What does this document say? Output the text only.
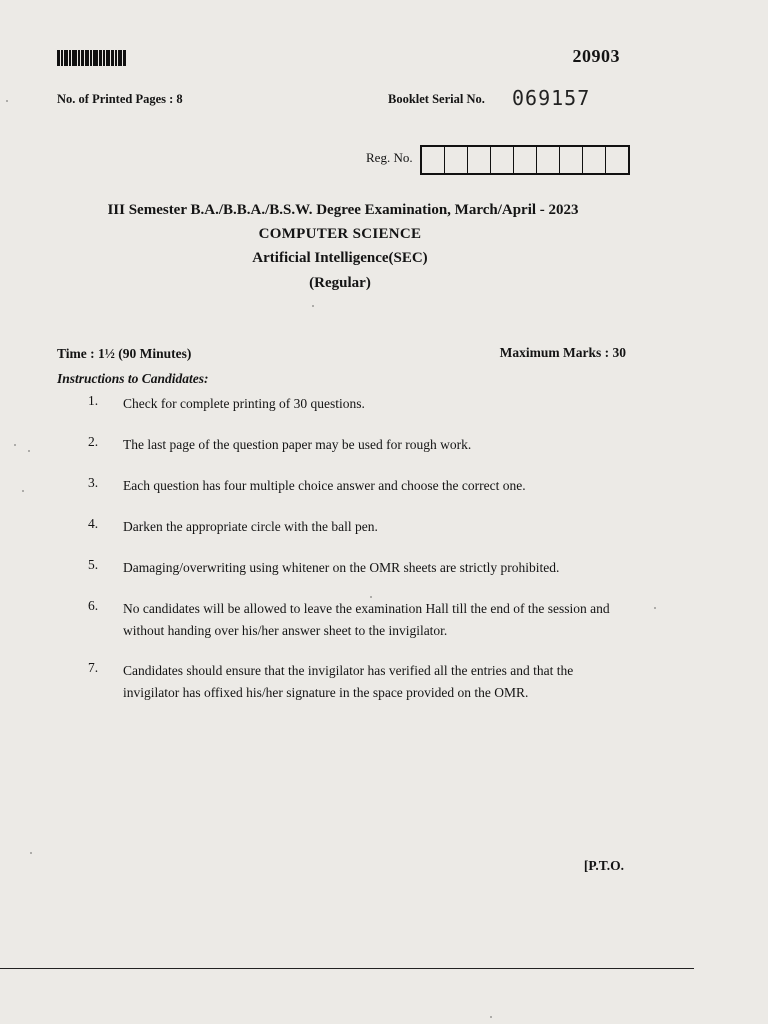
20903
No. of Printed Pages : 8	Booklet Serial No. 069157
Reg. No.
III Semester B.A./B.B.A./B.S.W. Degree Examination, March/April - 2023
COMPUTER SCIENCE
Artificial Intelligence(SEC)
(Regular)
Time : 1½ (90 Minutes)	Maximum Marks : 30
Instructions to Candidates:
1.	Check for complete printing of 30 questions.
2.	The last page of the question paper may be used for rough work.
3.	Each question has four multiple choice answer and choose the correct one.
4.	Darken the appropriate circle with the ball pen.
5.	Damaging/overwriting using whitener on the OMR sheets are strictly prohibited.
6.	No candidates will be allowed to leave the examination Hall till the end of the session and without handing over his/her answer sheet to the invigilator.
7.	Candidates should ensure that the invigilator has verified all the entries and that the invigilator has offixed his/her signature in the space provided on the OMR.
[P.T.O.
